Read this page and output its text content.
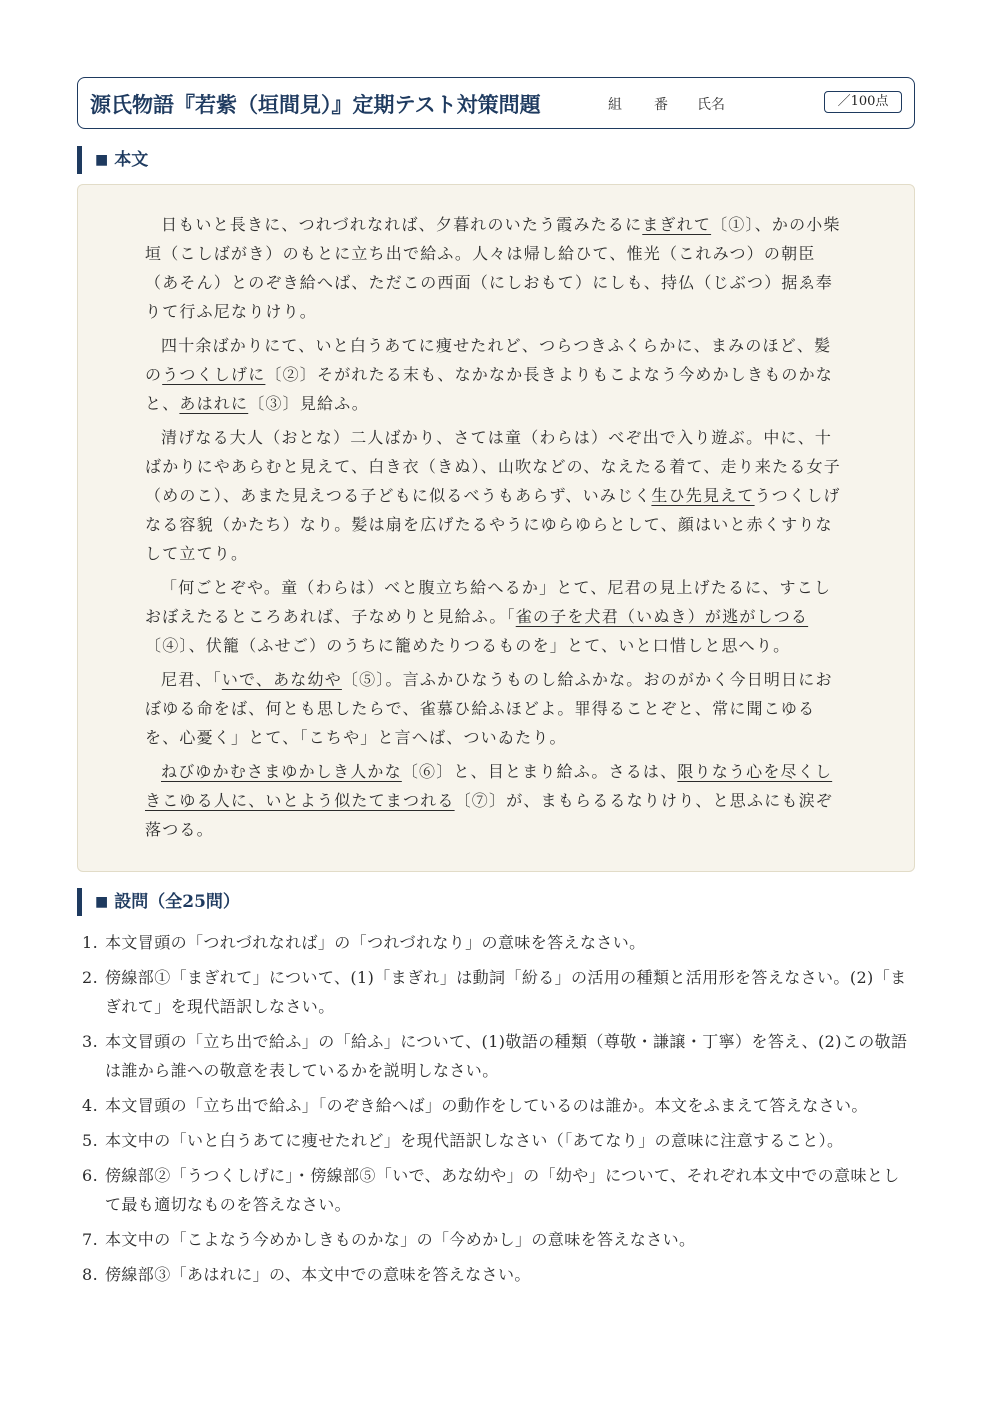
源氏物語『若紫（垣間見）』定期テスト対策問題	組 番 氏名	／100点
■ 本文

日もいと長きに、つれづれなれば、夕暮れのいたう霞みたるにまぎれて〔①〕、かの小柴垣（こしばがき）のもとに立ち出で給ふ。人々は帰し給ひて、惟光（これみつ）の朝臣（あそん）とのぞき給へば、ただこの西面（にしおもて）にしも、持仏（じぶつ）据ゑ奉りて行ふ尼なりけり。

四十余ばかりにて、いと白うあてに痩せたれど、つらつきふくらかに、まみのほど、髪のうつくしげに〔②〕そがれたる末も、なかなか長きよりもこよなう今めかしきものかなと、あはれに〔③〕見給ふ。

清げなる大人（おとな）二人ばかり、さては童（わらは）べぞ出で入り遊ぶ。中に、十ばかりにやあらむと見えて、白き衣（きぬ）、山吹などの、なえたる着て、走り来たる女子（めのこ）、あまた見えつる子どもに似るべうもあらず、いみじく生ひ先見えてうつくしげなる容貌（かたち）なり。髪は扇を広げたるやうにゆらゆらとして、顔はいと赤くすりなして立てり。

「何ごとぞや。童（わらは）べと腹立ち給へるか」とて、尼君の見上げたるに、すこしおぼえたるところあれば、子なめりと見給ふ。「雀の子を犬君（いぬき）が逃がしつる〔④〕、伏籠（ふせご）のうちに籠めたりつるものを」とて、いと口惜しと思へり。

尼君、「いで、あな幼や〔⑤〕。言ふかひなうものし給ふかな。おのがかく今日明日におぼゆる命をば、何とも思したらで、雀慕ひ給ふほどよ。罪得ることぞと、常に聞こゆるを、心憂く」とて、「こちや」と言へば、ついゐたり。

ねびゆかむさまゆかしき人かな〔⑥〕と、目とまり給ふ。さるは、限りなう心を尽くしきこゆる人に、いとよう似たてまつれる〔⑦〕が、まもらるるなりけり、と思ふにも涙ぞ落つる。

■ 設問（全25問）
1. 本文冒頭の「つれづれなれば」の「つれづれなり」の意味を答えなさい。
2. 傍線部①「まぎれて」について、(1)「まぎれ」は動詞「紛る」の活用の種類と活用形を答えなさい。(2)「まぎれて」を現代語訳しなさい。
3. 本文冒頭の「立ち出で給ふ」の「給ふ」について、(1)敬語の種類（尊敬・謙譲・丁寧）を答え、(2)この敬語は誰から誰への敬意を表しているかを説明しなさい。
4. 本文冒頭の「立ち出で給ふ」「のぞき給へば」の動作をしているのは誰か。本文をふまえて答えなさい。
5. 本文中の「いと白うあてに痩せたれど」を現代語訳しなさい（「あてなり」の意味に注意すること）。
6. 傍線部②「うつくしげに」・傍線部⑤「いで、あな幼や」の「幼や」について、それぞれ本文中での意味として最も適切なものを答えなさい。
7. 本文中の「こよなう今めかしきものかな」の「今めかし」の意味を答えなさい。
8. 傍線部③「あはれに」の、本文中での意味を答えなさい。
